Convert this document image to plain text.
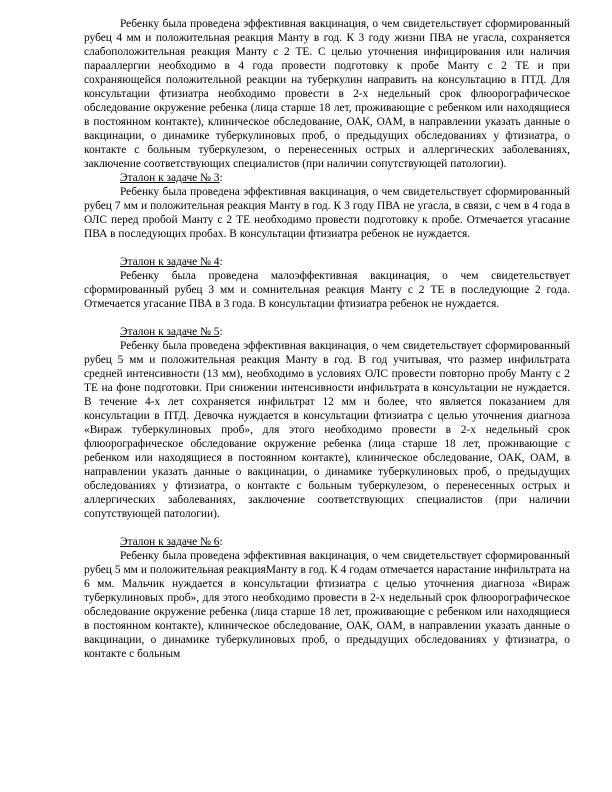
Ребенку была проведена эффективная вакцинация, о чем свидетельствует сформированный рубец 4 мм и положительная реакция Манту в год. К 3 году жизни ПВА не угасла, сохраняется слабоположительная реакция Манту с 2 ТЕ. С целью уточнения инфицирования или наличия парааллергии необходимо в 4 года провести подготовку к пробе Манту с 2 ТЕ и при сохраняющейся положительной реакции на туберкулин направить на консультацию в ПТД. Для консультации фтизиатра необходимо провести в 2-х недельный срок флюорографическое обследование окружение ребенка (лица старше 18 лет, проживающие с ребенком или находящиеся в постоянном контакте), клиническое обследование, ОАК, ОАМ, в направлении указать данные о вакцинации, о динамике туберкулиновых проб, о предыдущих обследованиях у фтизиатра, о контакте с больным туберкулезом, о перенесенных острых и аллергических заболеваниях, заключение соответствующих специалистов (при наличии сопутствующей патологии).

Эталон к задаче № 3:

Ребенку была проведена эффективная вакцинация, о чем свидетельствует сформированный рубец 7 мм и положительная реакция Манту в год. К 3 году ПВА не угасла, в связи, с чем в 4 года в ОЛС перед пробой Манту с 2 ТЕ необходимо провести подготовку к пробе. Отмечается угасание ПВА в последующих пробах. В консультации фтизиатра ребенок не нуждается.

Эталон к задаче № 4:

Ребенку была проведена малоэффективная вакцинация, о чем свидетельствует сформированный рубец 3 мм и сомнительная реакция Манту с 2 ТЕ в последующие 2 года. Отмечается угасание ПВА в 3 года. В консультации фтизиатра ребенок не нуждается.

Эталон к задаче № 5:

Ребенку была проведена эффективная вакцинация, о чем свидетельствует сформированный рубец 5 мм и положительная реакция Манту в год. В год учитывая, что размер инфильтрата средней интенсивности (13 мм), необходимо в условиях ОЛС провести повторно пробу Манту с 2 ТЕ на фоне подготовки. При снижении интенсивности инфильтрата в консультации не нуждается. В течение 4-х лет сохраняется инфильтрат 12 мм и более, что является показанием для консультации в ПТД. Девочка нуждается в консультации фтизиатра с целью уточнения диагноза «Вираж туберкулиновых проб», для этого необходимо провести в 2-х недельный срок флюорографическое обследование окружение ребенка (лица старше 18 лет, проживающие с ребенком или находящиеся в постоянном контакте), клиническое обследование, ОАК, ОАМ, в направлении указать данные о вакцинации, о динамике туберкулиновых проб, о предыдущих обследованиях у фтизиатра, о контакте с больным туберкулезом, о перенесенных острых и аллергических заболеваниях, заключение соответствующих специалистов (при наличии сопутствующей патологии).

Эталон к задаче № 6:

Ребенку была проведена эффективная вакцинация, о чем свидетельствует сформированный рубец 5 мм и положительная реакцияМанту в год. К 4 годам отмечается нарастание инфильтрата на 6 мм. Мальчик нуждается в консультации фтизиатра с целью уточнения диагноза «Вираж туберкулиновых проб», для этого необходимо провести в 2-х недельный срок флюорографическое обследование окружение ребенка (лица старше 18 лет, проживающие с ребенком или находящиеся в постоянном контакте), клиническое обследование, ОАК, ОАМ, в направлении указать данные о вакцинации, о динамике туберкулиновых проб, о предыдущих обследованиях у фтизиатра, о контакте с больным
